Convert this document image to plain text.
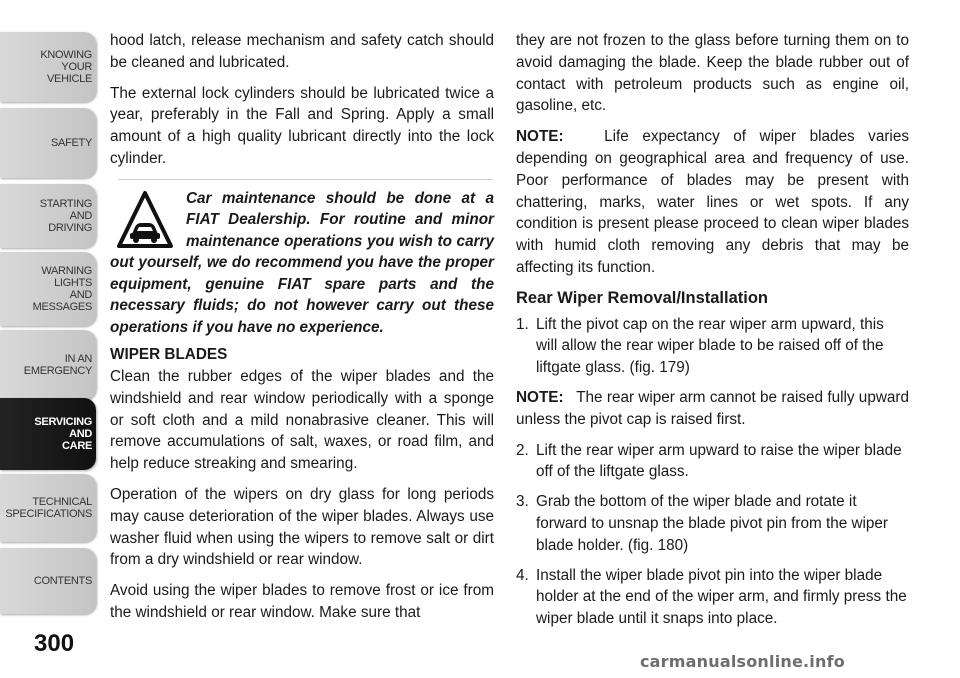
KNOWING
YOUR
VEHICLE
SAFETY
STARTING
AND
DRIVING
WARNING
LIGHTS
AND
MESSAGES
IN AN
EMERGENCY
SERVICING
AND
CARE
TECHNICAL
SPECIFICATIONS
CONTENTS
300

hood latch, release mechanism and safety catch should be cleaned and lubricated.

The external lock cylinders should be lubricated twice a year, preferably in the Fall and Spring. Apply a small amount of a high quality lubricant directly into the lock cylinder.

Car maintenance should be done at a FIAT Dealership. For routine and minor maintenance operations you wish to carry out yourself, we do recommend you have the proper equipment, genuine FIAT spare parts and the necessary fluids; do not however carry out these operations if you have no experience.

WIPER BLADES

Clean the rubber edges of the wiper blades and the windshield and rear window periodically with a sponge or soft cloth and a mild nonabrasive cleaner. This will remove accumulations of salt, waxes, or road film, and help reduce streaking and smearing.

Operation of the wipers on dry glass for long periods may cause deterioration of the wiper blades. Always use washer fluid when using the wipers to remove salt or dirt from a dry windshield or rear window.

Avoid using the wiper blades to remove frost or ice from the windshield or rear window. Make sure that

they are not frozen to the glass before turning them on to avoid damaging the blade. Keep the blade rubber out of contact with petroleum products such as engine oil, gasoline, etc.

NOTE:	Life expectancy of wiper blades varies depending on geographical area and frequency of use. Poor performance of blades may be present with chattering, marks, water lines or wet spots. If any condition is present please proceed to clean wiper blades with humid cloth removing any debris that may be affecting its function.

Rear Wiper Removal/Installation
1. Lift the pivot cap on the rear wiper arm upward, this will allow the rear wiper blade to be raised off of the liftgate glass. (fig. 179)

NOTE: The rear wiper arm cannot be raised fully upward unless the pivot cap is raised first.

2. Lift the rear wiper arm upward to raise the wiper blade off of the liftgate glass.
3. Grab the bottom of the wiper blade and rotate it forward to unsnap the blade pivot pin from the wiper blade holder. (fig. 180)
4. Install the wiper blade pivot pin into the wiper blade holder at the end of the wiper arm, and firmly press the wiper blade until it snaps into place.
carmanualsonline.info
